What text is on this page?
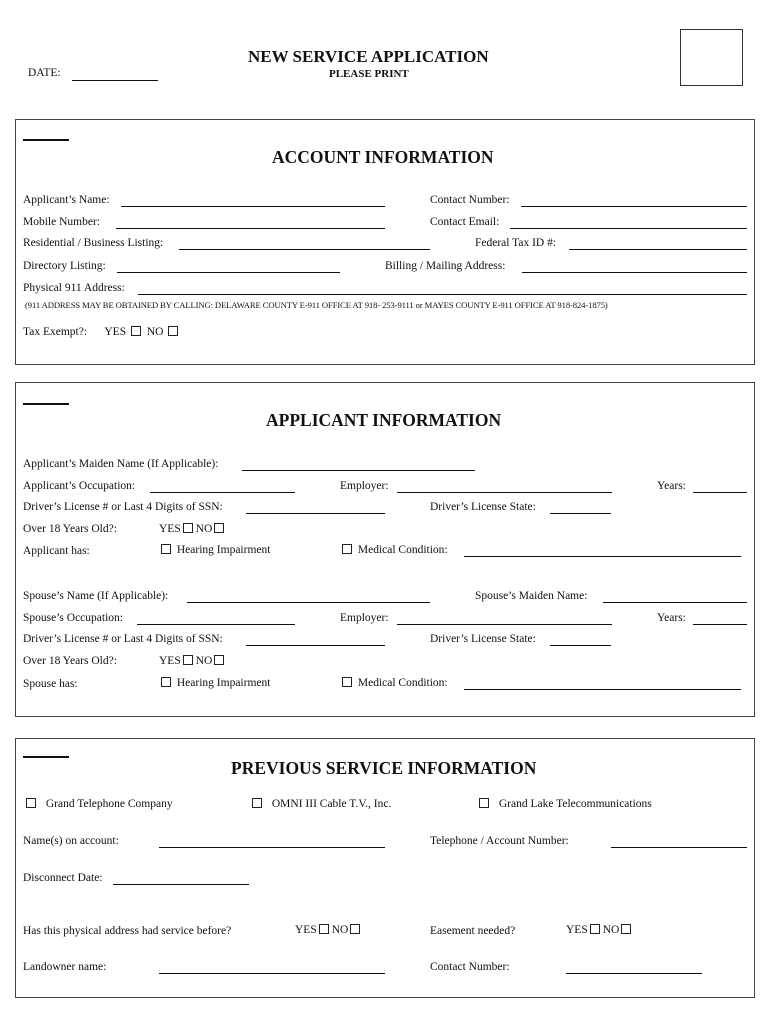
DATE:
NEW SERVICE APPLICATION
PLEASE PRINT
ACCOUNT INFORMATION
Applicant’s Name:	Contact Number:
Mobile Number:	Contact Email:
Residential / Business Listing:	Federal Tax ID #:
Directory Listing:	Billing / Mailing Address:
Physical 911 Address:
(911 ADDRESS MAY BE OBTAINED BY CALLING: DELAWARE COUNTY E-911 OFFICE AT 918- 253-9111 or MAYES COUNTY E-911 OFFICE AT 918-824-1875)
Tax Exempt?: YES NO
APPLICANT INFORMATION
Applicant’s Maiden Name (If Applicable):
Applicant’s Occupation:	Employer:	Years:
Driver’s License # or Last 4 Digits of SSN:	Driver’s License State:
Over 18 Years Old?:	YES NO
Applicant has:	Hearing Impairment	Medical Condition:
Spouse’s Name (If Applicable):	Spouse’s Maiden Name:
Spouse’s Occupation:	Employer:	Years:
Driver’s License # or Last 4 Digits of SSN:	Driver’s License State:
Over 18 Years Old?:	YES NO
Spouse has:	Hearing Impairment	Medical Condition:
PREVIOUS SERVICE INFORMATION
Grand Telephone Company	OMNI III Cable T.V., Inc.	Grand Lake Telecommunications
Name(s) on account:	Telephone / Account Number:
Disconnect Date:
Has this physical address had service before?	YES NO	Easement needed?	YES NO
Landowner name:	Contact Number:
